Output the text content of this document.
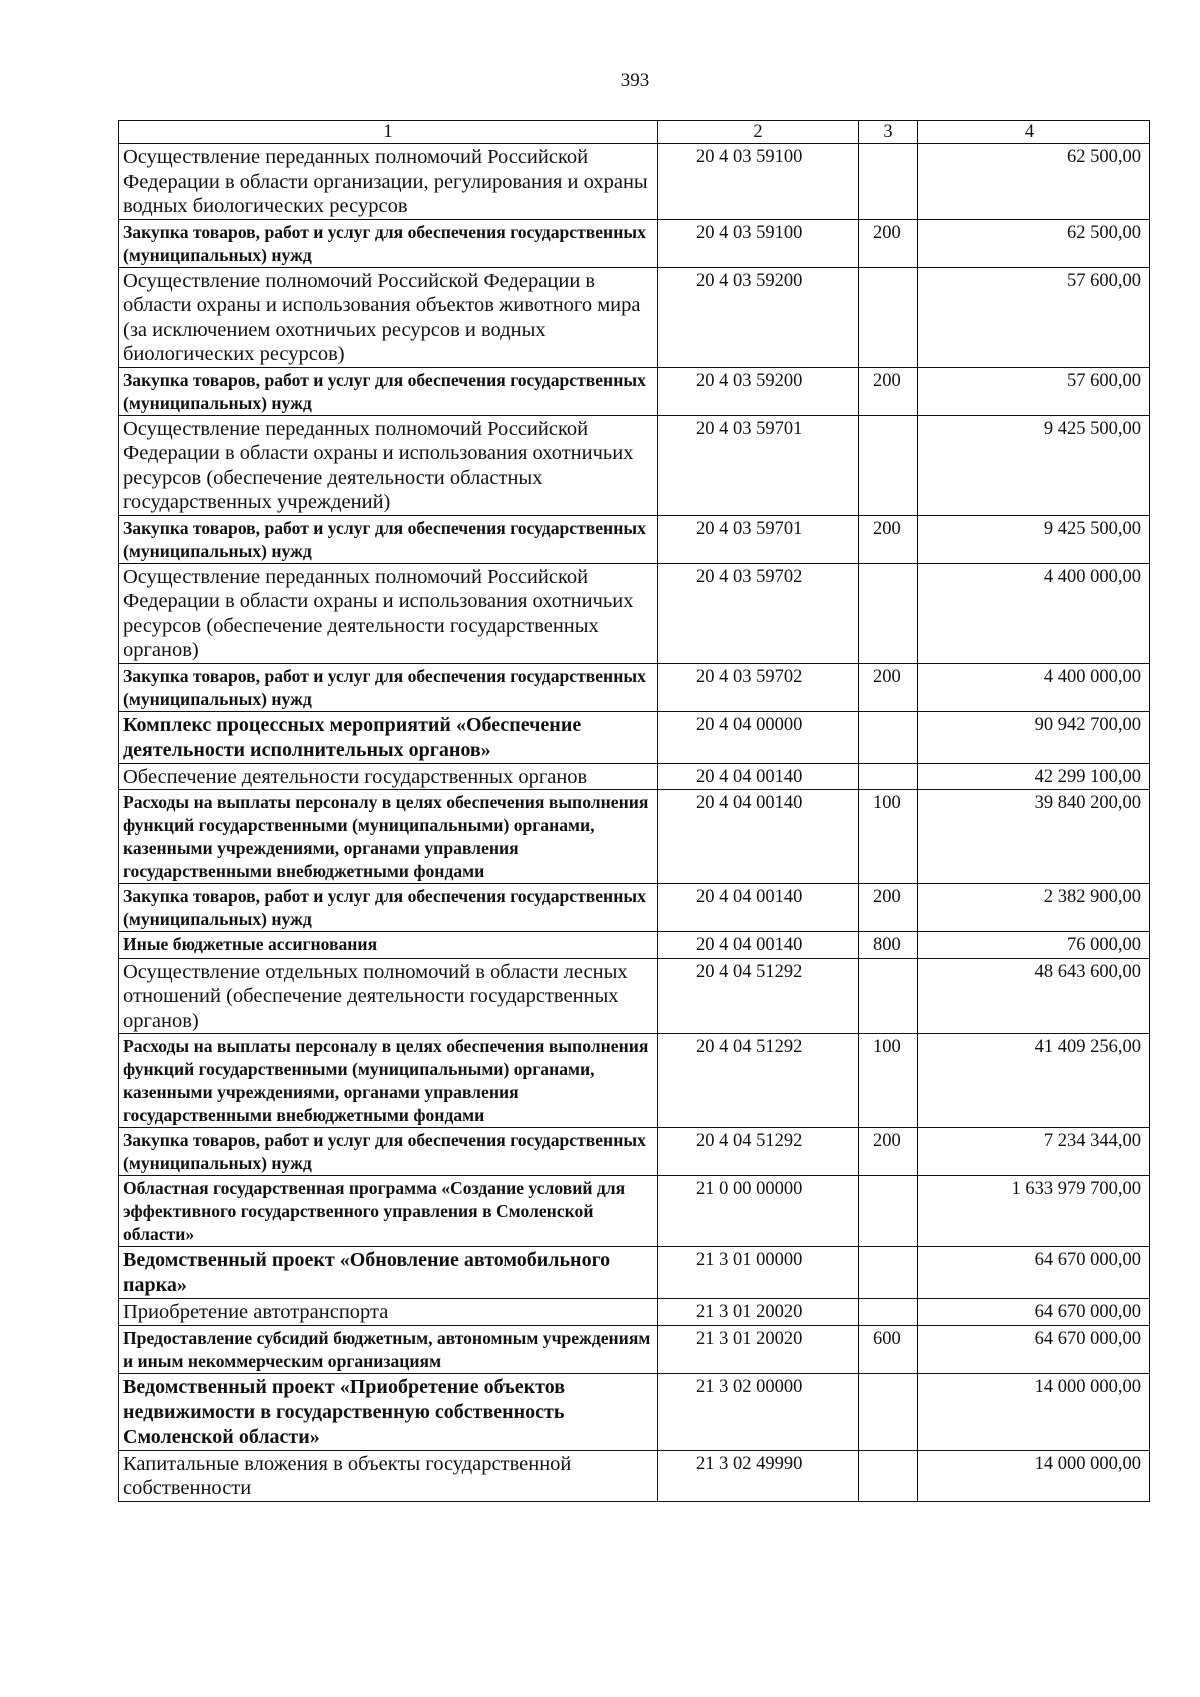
393
1	2	3	4
Осуществление переданных полномочий Российской Федерации в области организации, регулирования и охраны водных биологических ресурсов	20 4 03 59100		62 500,00
Закупка товаров, работ и услуг для обеспечения государственных (муниципальных) нужд	20 4 03 59100	200	62 500,00
Осуществление полномочий Российской Федерации в области охраны и использования объектов животного мира (за исключением охотничьих ресурсов и водных биологических ресурсов)	20 4 03 59200		57 600,00
Закупка товаров, работ и услуг для обеспечения государственных (муниципальных) нужд	20 4 03 59200	200	57 600,00
Осуществление переданных полномочий Российской Федерации в области охраны и использования охотничьих ресурсов (обеспечение деятельности областных государственных учреждений)	20 4 03 59701		9 425 500,00
Закупка товаров, работ и услуг для обеспечения государственных (муниципальных) нужд	20 4 03 59701	200	9 425 500,00
Осуществление переданных полномочий Российской Федерации в области охраны и использования охотничьих ресурсов (обеспечение деятельности государственных органов)	20 4 03 59702		4 400 000,00
Закупка товаров, работ и услуг для обеспечения государственных (муниципальных) нужд	20 4 03 59702	200	4 400 000,00
Комплекс процессных мероприятий «Обеспечение деятельности исполнительных органов»	20 4 04 00000		90 942 700,00
Обеспечение деятельности государственных органов	20 4 04 00140		42 299 100,00
Расходы на выплаты персоналу в целях обеспечения выполнения функций государственными (муниципальными) органами, казенными учреждениями, органами управления государственными внебюджетными фондами	20 4 04 00140	100	39 840 200,00
Закупка товаров, работ и услуг для обеспечения государственных (муниципальных) нужд	20 4 04 00140	200	2 382 900,00
Иные бюджетные ассигнования	20 4 04 00140	800	76 000,00
Осуществление отдельных полномочий в области лесных отношений (обеспечение деятельности государственных органов)	20 4 04 51292		48 643 600,00
Расходы на выплаты персоналу в целях обеспечения выполнения функций государственными (муниципальными) органами, казенными учреждениями, органами управления государственными внебюджетными фондами	20 4 04 51292	100	41 409 256,00
Закупка товаров, работ и услуг для обеспечения государственных (муниципальных) нужд	20 4 04 51292	200	7 234 344,00
Областная государственная программа «Создание условий для эффективного государственного управления в Смоленской области»	21 0 00 00000		1 633 979 700,00
Ведомственный проект «Обновление автомобильного парка»	21 3 01 00000		64 670 000,00
Приобретение автотранспорта	21 3 01 20020		64 670 000,00
Предоставление субсидий бюджетным, автономным учреждениям и иным некоммерческим организациям	21 3 01 20020	600	64 670 000,00
Ведомственный проект «Приобретение объектов недвижимости в государственную собственность Смоленской области»	21 3 02 00000		14 000 000,00
Капитальные вложения в объекты государственной собственности	21 3 02 49990		14 000 000,00
